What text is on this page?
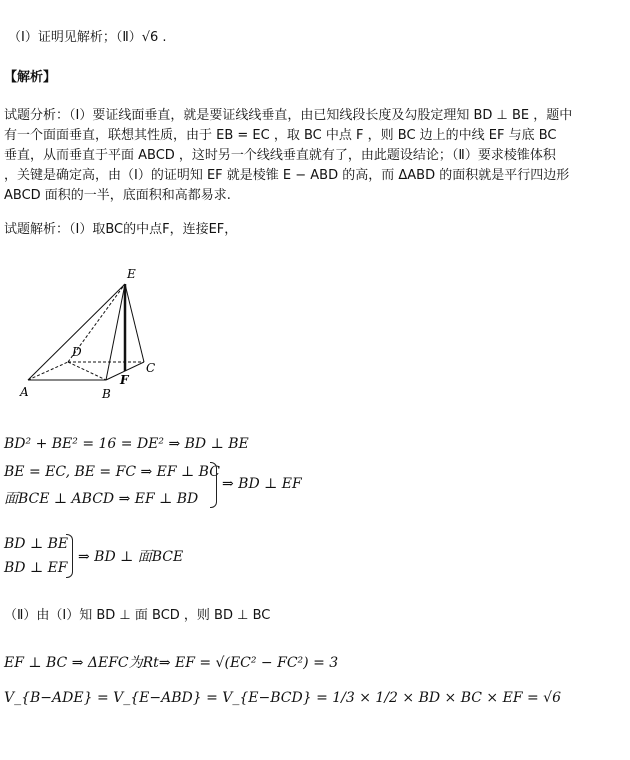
（Ⅰ）证明见解析；（Ⅱ）√6 .
【解析】
试题分析：（Ⅰ）要证线面垂直，就是要证线线垂直，由已知线段长度及勾股定理知 BD ⊥ BE ，题中
有一个面面垂直，联想其性质，由于 EB = EC ，取 BC 中点 F ，则 BC 边上的中线 EF 与底 BC
垂直，从而垂直于平面 ABCD ，这时另一个线线垂直就有了，由此题设结论；（Ⅱ）要求棱锥体积
，关键是确定高，由（Ⅰ）的证明知 EF 就是棱锥 E − ABD 的高，而 ΔABD 的面积就是平行四边形
ABCD 面积的一半，底面积和高都易求.
试题解析：（Ⅰ）取BC的中点F，连接EF，
E
D
C
A	B
F
BD² + BE² = 16 = DE² ⇒ BD ⊥ BE
BE = EC, BE = FC ⇒ EF ⊥ BC
面BCE ⊥ ABCD ⇒ EF ⊥ BD
⇒ BD ⊥ EF
BD ⊥ BE
BD ⊥ EF
⇒ BD ⊥ 面BCE
（Ⅱ）由（Ⅰ）知 BD ⊥ 面 BCD ，则 BD ⊥ BC
EF ⊥ BC ⇒ ΔEFC为Rt⇒ EF = √(EC² − FC²) = 3
V_{B−ADE} = V_{E−ABD} = V_{E−BCD} = 1/3 × 1/2 × BD × BC × EF = √6
